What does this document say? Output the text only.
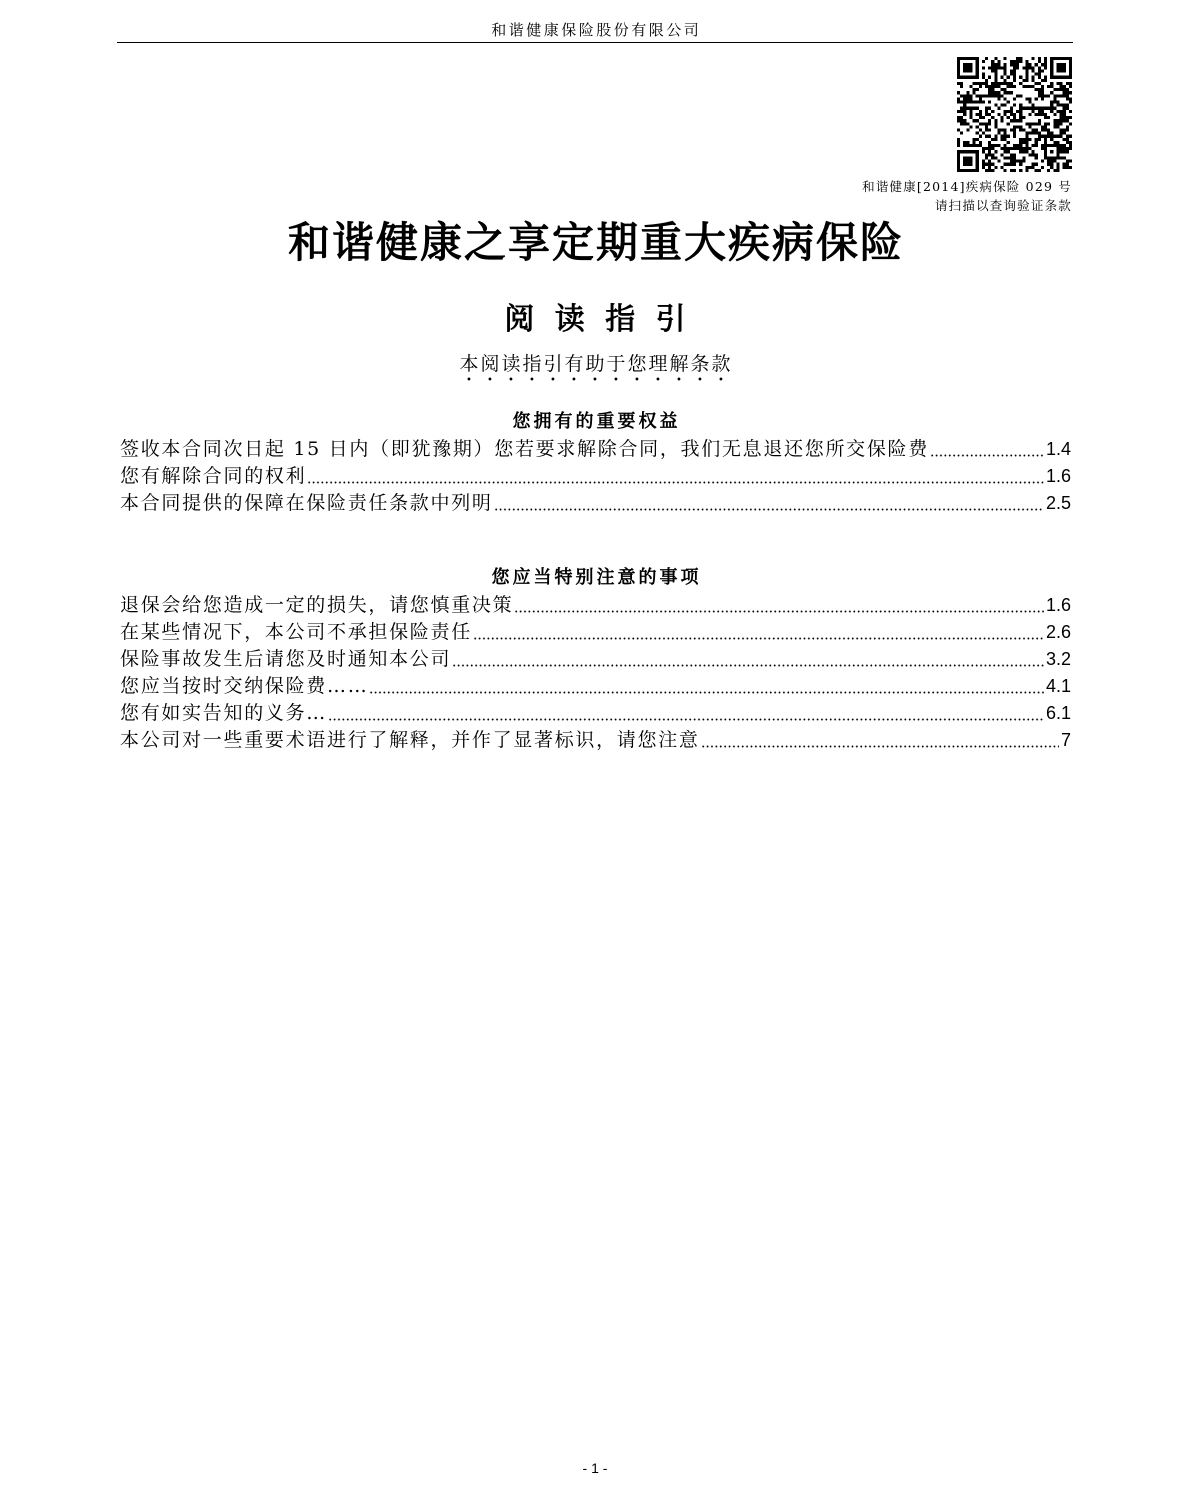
和谐健康保险股份有限公司
和谐健康[2014]疾病保险 029 号
请扫描以查询验证条款
和谐健康之享定期重大疾病保险
阅 读 指 引
本阅读指引有助于您理解条款
您拥有的重要权益
签收本合同次日起 15 日内（即犹豫期）您若要求解除合同，我们无息退还您所交保险费	1.4
您有解除合同的权利	1.6
本合同提供的保障在保险责任条款中列明	2.5
您应当特别注意的事项
退保会给您造成一定的损失，请您慎重决策	1.6
在某些情况下，本公司不承担保险责任	2.6
保险事故发生后请您及时通知本公司	3.2
您应当按时交纳保险费……	4.1
您有如实告知的义务…	6.1
本公司对一些重要术语进行了解释，并作了显著标识，请您注意	7
- 1 -
